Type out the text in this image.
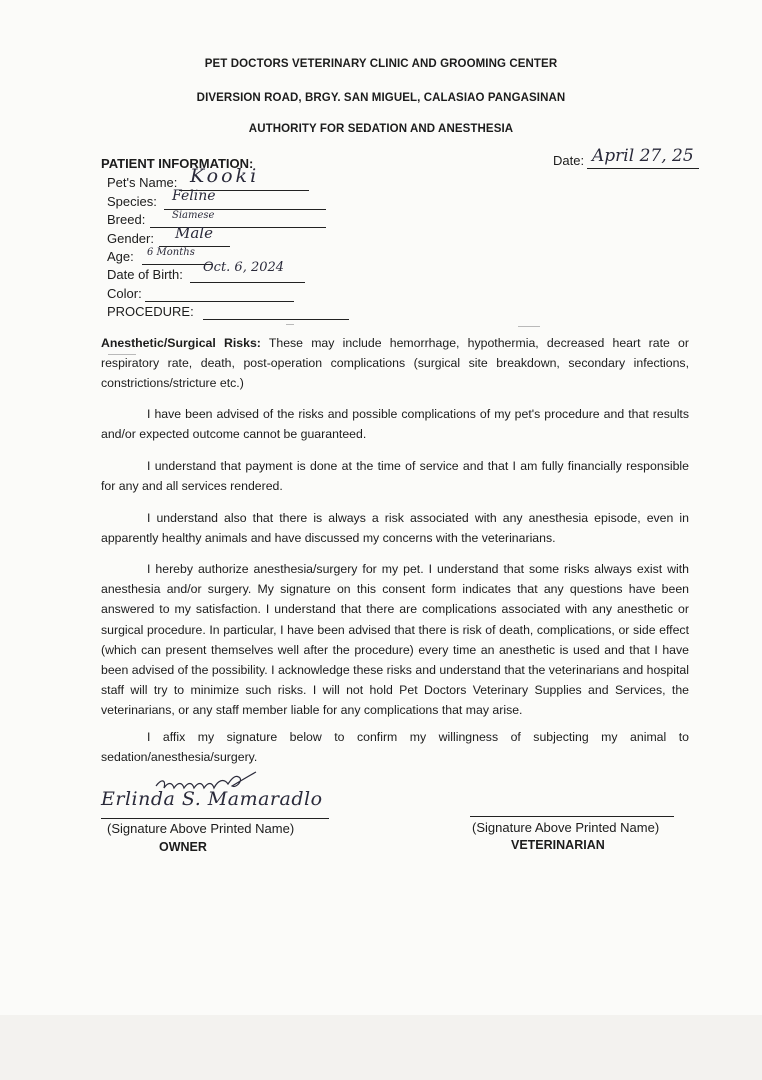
PET DOCTORS VETERINARY CLINIC AND GROOMING CENTER
DIVERSION ROAD, BRGY. SAN MIGUEL, CALASIAO PANGASINAN
AUTHORITY FOR SEDATION AND ANESTHESIA
PATIENT INFORMATION:
Pet's Name: Kooki
Species: Feline
Breed:	Siamese
Gender: Male
Age: 6 Months
Date of Birth: Oct. 6, 2024
Color:
PROCEDURE:
Date: April 27, 25
Anesthetic/Surgical Risks: These may include hemorrhage, hypothermia, decreased heart rate or respiratory rate, death, post-operation complications (surgical site breakdown, secondary infections, constrictions/stricture etc.)
I have been advised of the risks and possible complications of my pet's procedure and that results and/or expected outcome cannot be guaranteed.
I understand that payment is done at the time of service and that I am fully financially responsible for any and all services rendered.
I understand also that there is always a risk associated with any anesthesia episode, even in apparently healthy animals and have discussed my concerns with the veterinarians.
I hereby authorize anesthesia/surgery for my pet. I understand that some risks always exist with anesthesia and/or surgery. My signature on this consent form indicates that any questions have been answered to my satisfaction. I understand that there are complications associated with any anesthetic or surgical procedure. In particular, I have been advised that there is risk of death, complications, or side effect (which can present themselves well after the procedure) every time an anesthetic is used and that I have been advised of the possibility. I acknowledge these risks and understand that the veterinarians and hospital staff will try to minimize such risks. I will not hold Pet Doctors Veterinary Supplies and Services, the veterinarians, or any staff member liable for any complications that may arise.
I affix my signature below to confirm my willingness of subjecting my animal to sedation/anesthesia/surgery.
Erlinda S. Mamaradlo
(Signature Above Printed Name)
OWNER
(Signature Above Printed Name)
VETERINARIAN
